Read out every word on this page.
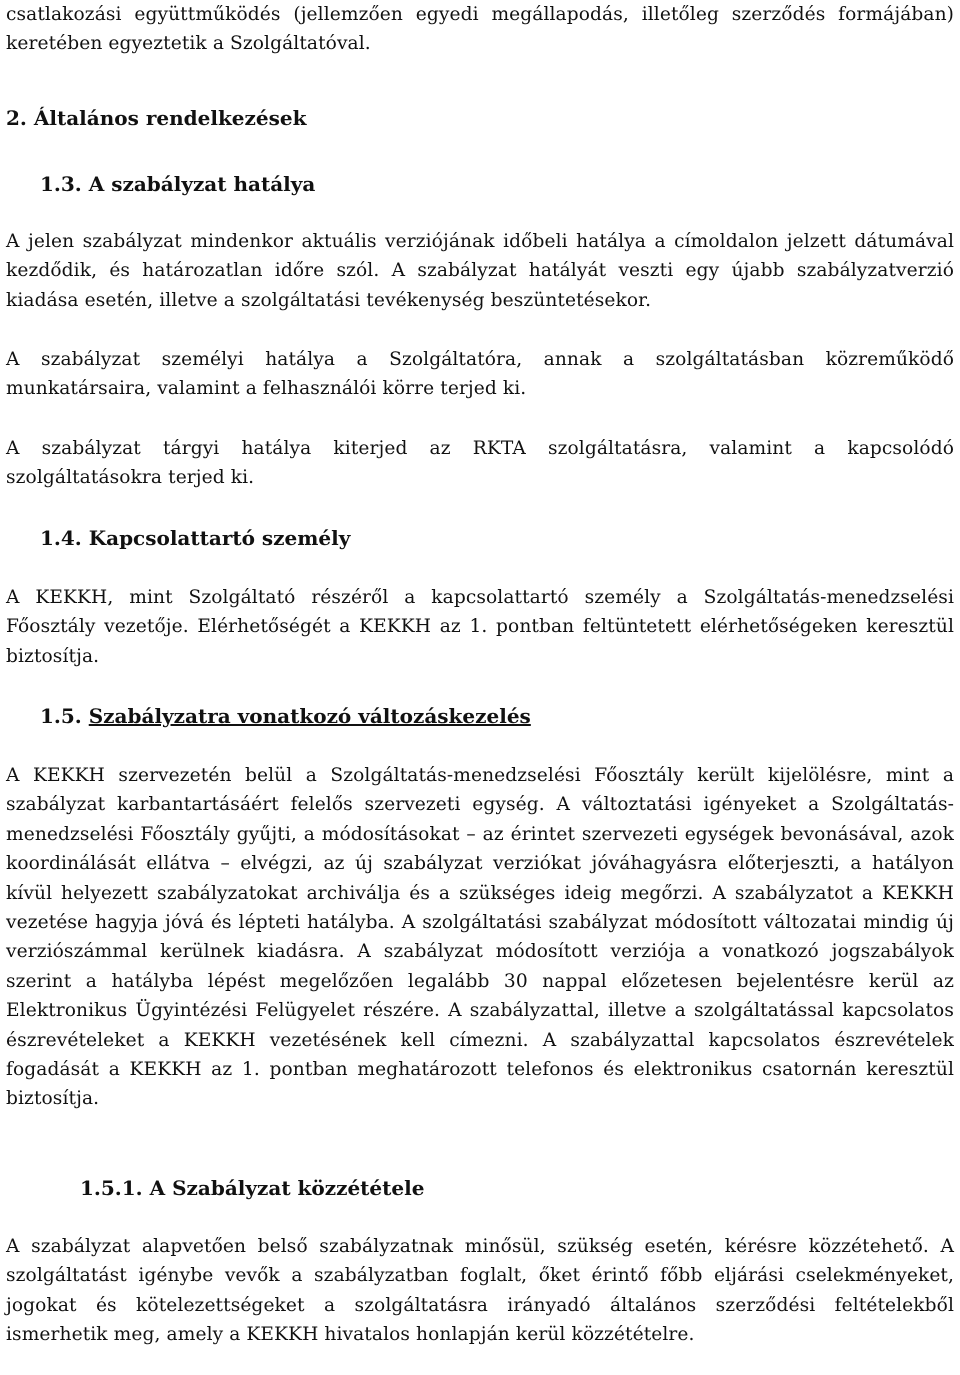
csatlakozási együttműködés (jellemzően egyedi megállapodás, illetőleg szerződés formájában) keretében egyeztetik a Szolgáltatóval.

2. Általános rendelkezések
1.3. A szabályzat hatálya

A jelen szabályzat mindenkor aktuális verziójának időbeli hatálya a címoldalon jelzett dátumával kezdődik, és határozatlan időre szól. A szabályzat hatályát veszti egy újabb szabályzatverzió kiadása esetén, illetve a szolgáltatási tevékenység beszüntetésekor.

A szabályzat személyi hatálya a Szolgáltatóra, annak a szolgáltatásban közreműködő munkatársaira, valamint a felhasználói körre terjed ki.

A szabályzat tárgyi hatálya kiterjed az RKTA szolgáltatásra, valamint a kapcsolódó szolgáltatásokra terjed ki.

1.4. Kapcsolattartó személy

A KEKKH, mint Szolgáltató részéről a kapcsolattartó személy a Szolgáltatás-menedzselési Főosztály vezetője. Elérhetőségét a KEKKH az 1. pontban feltüntetett elérhetőségeken keresztül biztosítja.

1.5. Szabályzatra vonatkozó változáskezelés

A KEKKH szervezetén belül a Szolgáltatás-menedzselési Főosztály került kijelölésre, mint a szabályzat karbantartásáért felelős szervezeti egység. A változtatási igényeket a Szolgáltatás-menedzselési Főosztály gyűjti, a módosításokat – az érintet szervezeti egységek bevonásával, azok koordinálását ellátva – elvégzi, az új szabályzat verziókat jóváhagyásra előterjeszti, a hatályon kívül helyezett szabályzatokat archiválja és a szükséges ideig megőrzi. A szabályzatot a KEKKH vezetése hagyja jóvá és lépteti hatályba. A szolgáltatási szabályzat módosított változatai mindig új verziószámmal kerülnek kiadásra. A szabályzat módosított verziója a vonatkozó jogszabályok szerint a hatályba lépést megelőzően legalább 30 nappal előzetesen bejelentésre kerül az Elektronikus Ügyintézési Felügyelet részére. A szabályzattal, illetve a szolgáltatással kapcsolatos észrevételeket a KEKKH vezetésének kell címezni. A szabályzattal kapcsolatos észrevételek fogadását a KEKKH az 1. pontban meghatározott telefonos és elektronikus csatornán keresztül biztosítja.

1.5.1. A Szabályzat közzététele

A szabályzat alapvetően belső szabályzatnak minősül, szükség esetén, kérésre közzétehető. A szolgáltatást igénybe vevők a szabályzatban foglalt, őket érintő főbb eljárási cselekményeket, jogokat és kötelezettségeket a szolgáltatásra irányadó általános szerződési feltételekből ismerhetik meg, amely a KEKKH hivatalos honlapján kerül közzétételre.
